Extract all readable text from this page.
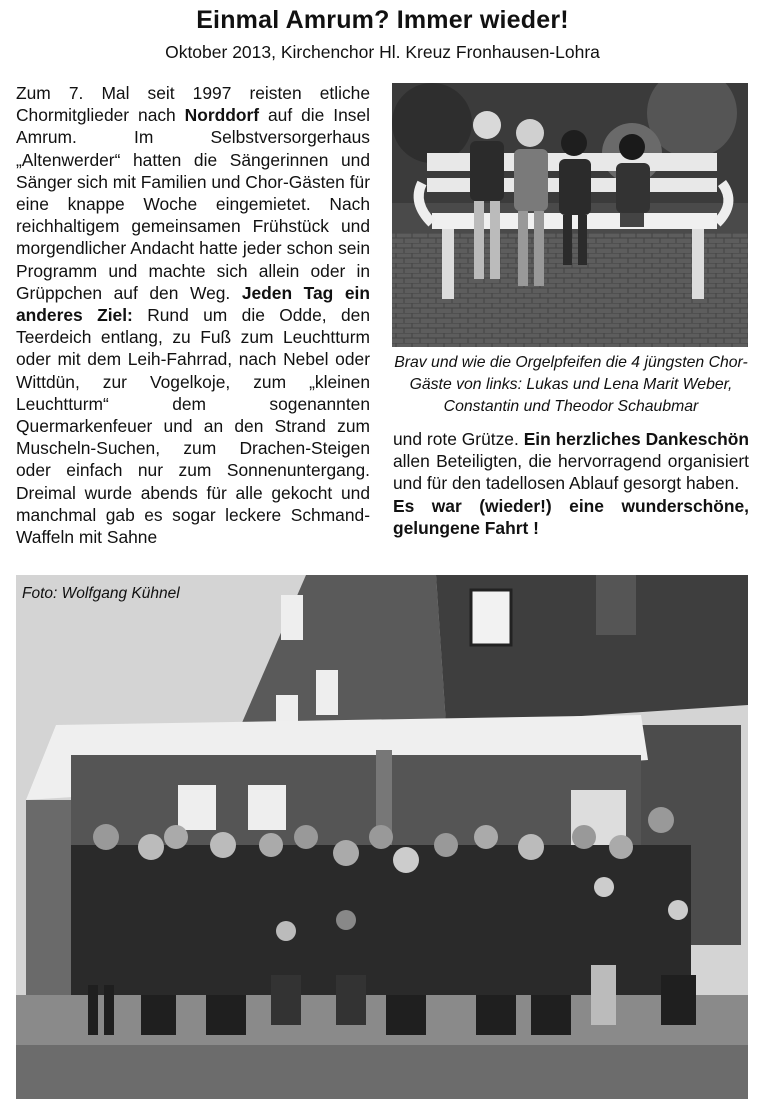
Einmal Amrum? Immer wieder!

Oktober 2013, Kirchenchor Hl. Kreuz Fronhausen-Lohra

Zum 7. Mal seit 1997 reisten etliche Chormitglieder nach Norddorf auf die Insel Amrum. Im Selbstversorgerhaus „Altenwerder“ hatten die Sängerinnen und Sänger sich mit Familien und Chor-Gästen für eine knappe Woche eingemietet. Nach reichhaltigem gemeinsamen Frühstück und morgendlicher Andacht hatte jeder schon sein Programm und machte sich allein oder in Grüppchen auf den Weg. Jeden Tag ein anderes Ziel: Rund um die Odde, den Teerdeich entlang, zu Fuß zum Leuchtturm oder mit dem Leih-Fahrrad, nach Nebel oder Wittdün, zur Vogelkoje, zum „kleinen Leuchtturm“ dem sogenannten Quermarkenfeuer und an den Strand zum Muscheln-Suchen, zum Drachen-Steigen oder einfach nur zum Sonnenuntergang. Dreimal wurde abends für alle gekocht und manchmal gab es sogar leckere Schmand-Waffeln mit Sahne

Brav und wie die Orgelpfeifen die 4 jüngsten Chor-Gäste von links: Lukas und Lena Marit Weber, Constantin und Theodor Schaubmar

und rote Grütze. Ein herzliches Dankeschön allen Beteiligten, die hervorragend organisiert und für den tadellosen Ablauf gesorgt haben.

Es war (wieder!) eine wunderschöne, gelungene Fahrt !

Foto: Wolfgang Kühnel
